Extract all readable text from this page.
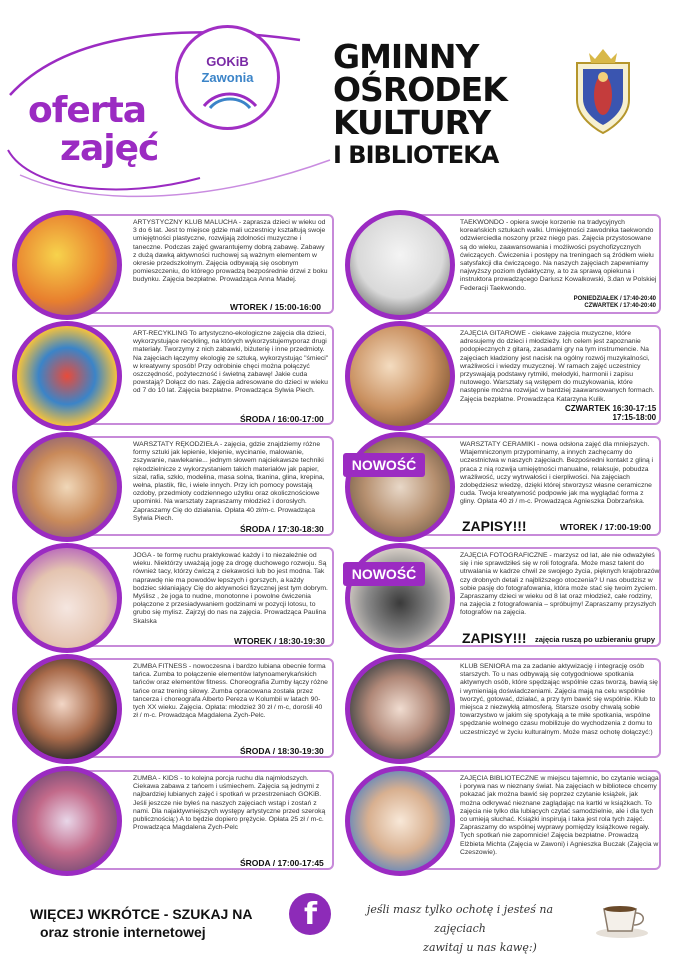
GOKiB
Zawonia
oferta
zajęć
GMINNY
OŚRODEK
KULTURY
I BIBLIOTEKA
ARTYSTYCZNY KLUB MALUCHA - zaprasza dzieci w wieku od 3 do 6 lat. Jest to miejsce gdzie mali uczestnicy kształtują swoje umiejętności plastyczne, rozwijają zdolności muzyczne i taneczne. Podczas zajęć gwarantujemy dobrą zabawę. Zabawy z dużą dawką aktywności ruchowej są ważnym elementem w okresie przedszkolnym. Zajęcia odbywają się osobnym pomieszczeniu, do którego prowadzą bezpośrednie drzwi z boku budynku. Zajęcia bezpłatne. Prowadząca Anna Madej.
WTOREK / 15:00-16:00
ART-RECYKLING To artystyczno-ekologiczne zajęcia dla dzieci, wykorzystujące recykling, na których wykorzystujemyporaz drugi materiały. Tworzymy z nich zabawki, biżuterię i inne przedmioty. Na zajęciach łączymy ekologię ze sztuką, wykorzystując "śmieci" w kreatywny sposób! Przy odrobinie chęci można połączyć oszczędność, pożyteczność i świetną zabawę! Jakie cuda powstają? Dołącz do nas. Zajęcia adresowane do dzieci w wieku od 7 do 10 lat. Zajęcia bezpłatne. Prowadząca Sylwia Piech.
ŚRODA / 16:00-17:00
WARSZTATY RĘKODZIEŁA - zajęcia, gdzie znajdziemy różne formy sztuki jak lepienie, klejenie, wycinanie, malowanie, zszywanie, nawlekanie... jednym słowem najciekawsze techniki rękodzielnicze z wykorzystaniem takich materiałów jak papier, sizal, rafia, szkło, modelina, masa solna, tkanina, glina, krepina, wełna, plastik, filc, i wiele innych. Przy ich pomocy powstają ozdoby, przedmioty codziennego użytku oraz okolicznościowe upominki. Na warsztaty zapraszamy młodzież i dorosłych. Zapraszamy Cię do działania. Opłata 40 zł/m-c. Prowadząca Sylwia Piech.
ŚRODA / 17:30-18:30
JOGA - te formę ruchu praktykować każdy i to niezależnie od wieku. Niektórzy uważają jogę za drogę duchowego rozwoju. Są również tacy, którzy ćwiczą z ciekawości lub bo jest modna. Tak naprawdę nie ma powodów lepszych i gorszych, a każdy bodziec skłaniający Cię do aktywności fizycznej jest tym dobrym. Myślisz , że joga to nudne, monotonne i powolne ćwiczenia połączone z przesiadywaniem godzinami w pozycji lotosu, to grubo się mylisz. Zajrzyj do nas na zajęcia. Prowadząca Paulina Skalska
WTOREK / 18:30-19:30
ZUMBA FITNESS - nowoczesna i bardzo lubiana obecnie forma tańca. Zumba to połączenie elementów latynoamerykańskich tańców oraz elementów fitness. Choreografia Zumby łączy różne tańce oraz trening siłowy. Zumba opracowana została przez tancerza i choreografa Alberto Pereza w Kolumbii w latach 90-tych XX wieku. Zajęcia. Opłata: młodzież 30 zł / m-c, dorośli 40 zł / m-c. Prowadząca Magdalena Zych-Pelc.
ŚRODA / 18:30-19:30
ZUMBA - KIDS - to kolejna porcja ruchu dla najmłodszych. Ciekawa zabawa z tańcem i uśmiechem. Zajęcia są jednymi z najbardziej lubianych zajęć i spotkań w przestrzeniach GOKiB. Jeśli jeszcze nie byłeś na naszych zajęciach wstąp i zostań z nami. Dla najaktywniejszych występy artystyczne przed szeroką publicznością:) A to będzie dopiero prężycie. Opłata 25 zł / m-c. Prowadząca Magdalena Zych-Pelc
ŚRODA / 17:00-17:45
TAEKWONDO - opiera swoje korzenie na tradycyjnych koreańskich sztukach walki. Umiejętności zawodnika taekwondo odzwierciedla noszony przez niego pas. Zajęcia przystosowane są do wieku, zaawansowania i możliwości psychofizycznych ćwiczących. Ćwiczenia i postępy na treningach są źródłem wielu satysfakcji dla ćwiczącego. Na naszych zajęciach zapewniamy najwyższy poziom dydaktyczny, a to za sprawą opiekuna i instruktora prowadzącego Dariusz Kowalkowski, 3.dan w Polskiej Federacji Taekwondo.
PONIEDZIAŁEK / 17:40-20:40
CZWARTEK / 17:40-20:40
ZAJĘCIA GITAROWE - ciekawe zajęcia muzyczne, które adresujemy do dzieci i młodzieży. Ich celem jest zapoznanie podopiecznych z gitarą, zasadami gry na tym instrumencie. Na zajęciach kładziony jest nacisk na ogólny rozwój muzykalności, wrażliwości i wiedzy muzycznej. W ramach zajęć uczestnicy przyswajają podstawy rytmiki, melodyki, harmonii i zapisu nutowego. Warsztaty są wstępem do muzykowania, które następnie można rozwijać w bardziej zaawansowanych formach. Zajęcia bezpłatne. Prowadząca Katarzyna Kulik.
CZWARTEK 16:30-17:15
17:15-18:00
NOWOŚĆ
WARSZTATY CERAMIKI - nowa odsłona zajęć dla mniejszych. Wtajemniczonym przypominamy, a innych zachęcamy do uczestnictwa w naszych zajęciach. Bezpośredni kontakt z gliną i praca z nią rozwija umiejętności manualne, relaksuje, pobudza wrażliwość, uczy wytrwałości i cierpliwości. Na zajęciach zdobędziesz wiedzę, dzięki której stworzysz własne ceramiczne cuda. Twoja kreatywność podpowie jak ma wyglądać forma z gliny. Opłata 40 zł / m-c. Prowadząca Agnieszka Dobrzańska.
ZAPISY!!!	WTOREK / 17:00-19:00
NOWOŚĆ
ZAJĘCIA FOTOGRAFICZNE - marzysz od lat, ale nie odważyłeś się i nie sprawdziłeś się w roli fotografa. Może masz talent do utrwalania w kadrze chwil ze swojego życia, pięknych krajobrazów czy drobnych detali z najbliższego otoczenia? U nas obudzisz w sobie pasję do fotografowania, która może stać się twoim życiem. Zapraszamy dzieci w wieku od 8 lat oraz młodzież, całe rodziny, na zajęcia z fotografowania – spróbujmy! Zapraszamy przyszłych fotografów na zajęcia.
ZAPISY!!! zajęcia ruszą po uzbieraniu grupy
KLUB SENIORA ma za zadanie aktywizację i integrację osób starszych. To u nas odbywają się cotygodniowe spotkania aktywnych osób, które spędzając wspólnie czas tworzą, bawią się i wymieniają doświadczeniami. Zajęcia mają na celu wspólnie tworzyć, gotować, działać, a przy tym bawić się wspólnie. Klub to miejsca z niezwykłą atmosferą. Starsze osoby chwalą sobie towarzystwo w jakim się spotykają a te miłe spotkania, wspólne spędzanie wolnego czasu mobilizuje do wychodzenia z domu to uczestniczyć w życiu kulturalnym. Może masz ochotę dołączyć:)
ZAJĘCIA BIBLIOTECZNE w miejscu tajemnic, bo czytanie wciąga i porywa nas w nieznany świat. Na zajęciach w bibliotece chcemy pokazać jak można bawić się poprzez czytanie książek, jak można odkrywać nieznane zaglądając na kartki w książkach. To zajęcia nie tylko dla lubiących czytać samodzielnie, ale i dla tych co umieją słuchać. Książki inspirują i taka jest rola tych zajęć. Zapraszamy do wspólnej wyprawy pomiędzy książkowe regały. Tych spotkań nie zapomnicie! Zajęcia bezpłatne. Prowadzą Elżbieta Michta (Zajęcia w Zawoni) i Agnieszka Buczak (Zajęcia w Czeszowie).
WIĘCEJ WKRÓTCE - SZUKAJ NA
oraz stronie internetowej	f	jeśli masz tylko ochotę i jesteś na zajęciach
zawitaj u nas kawę:)
